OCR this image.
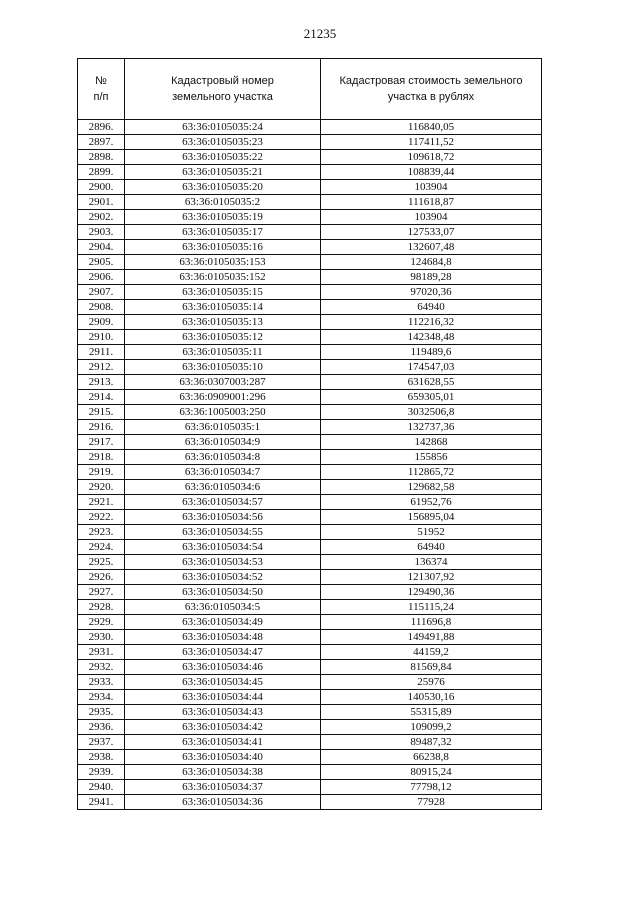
21235
№
п/п	Кадастровый номер земельного участка	Кадастровая стоимость земельного участка в рублях
2896.	63:36:0105035:24	116840,05
2897.	63:36:0105035:23	117411,52
2898.	63:36:0105035:22	109618,72
2899.	63:36:0105035:21	108839,44
2900.	63:36:0105035:20	103904
2901.	63:36:0105035:2	111618,87
2902.	63:36:0105035:19	103904
2903.	63:36:0105035:17	127533,07
2904.	63:36:0105035:16	132607,48
2905.	63:36:0105035:153	124684,8
2906.	63:36:0105035:152	98189,28
2907.	63:36:0105035:15	97020,36
2908.	63:36:0105035:14	64940
2909.	63:36:0105035:13	112216,32
2910.	63:36:0105035:12	142348,48
2911.	63:36:0105035:11	119489,6
2912.	63:36:0105035:10	174547,03
2913.	63:36:0307003:287	631628,55
2914.	63:36:0909001:296	659305,01
2915.	63:36:1005003:250	3032506,8
2916.	63:36:0105035:1	132737,36
2917.	63:36:0105034:9	142868
2918.	63:36:0105034:8	155856
2919.	63:36:0105034:7	112865,72
2920.	63:36:0105034:6	129682,58
2921.	63:36:0105034:57	61952,76
2922.	63:36:0105034:56	156895,04
2923.	63:36:0105034:55	51952
2924.	63:36:0105034:54	64940
2925.	63:36:0105034:53	136374
2926.	63:36:0105034:52	121307,92
2927.	63:36:0105034:50	129490,36
2928.	63:36:0105034:5	115115,24
2929.	63:36:0105034:49	111696,8
2930.	63:36:0105034:48	149491,88
2931.	63:36:0105034:47	44159,2
2932.	63:36:0105034:46	81569,84
2933.	63:36:0105034:45	25976
2934.	63:36:0105034:44	140530,16
2935.	63:36:0105034:43	55315,89
2936.	63:36:0105034:42	109099,2
2937.	63:36:0105034:41	89487,32
2938.	63:36:0105034:40	66238,8
2939.	63:36:0105034:38	80915,24
2940.	63:36:0105034:37	77798,12
2941.	63:36:0105034:36	77928
